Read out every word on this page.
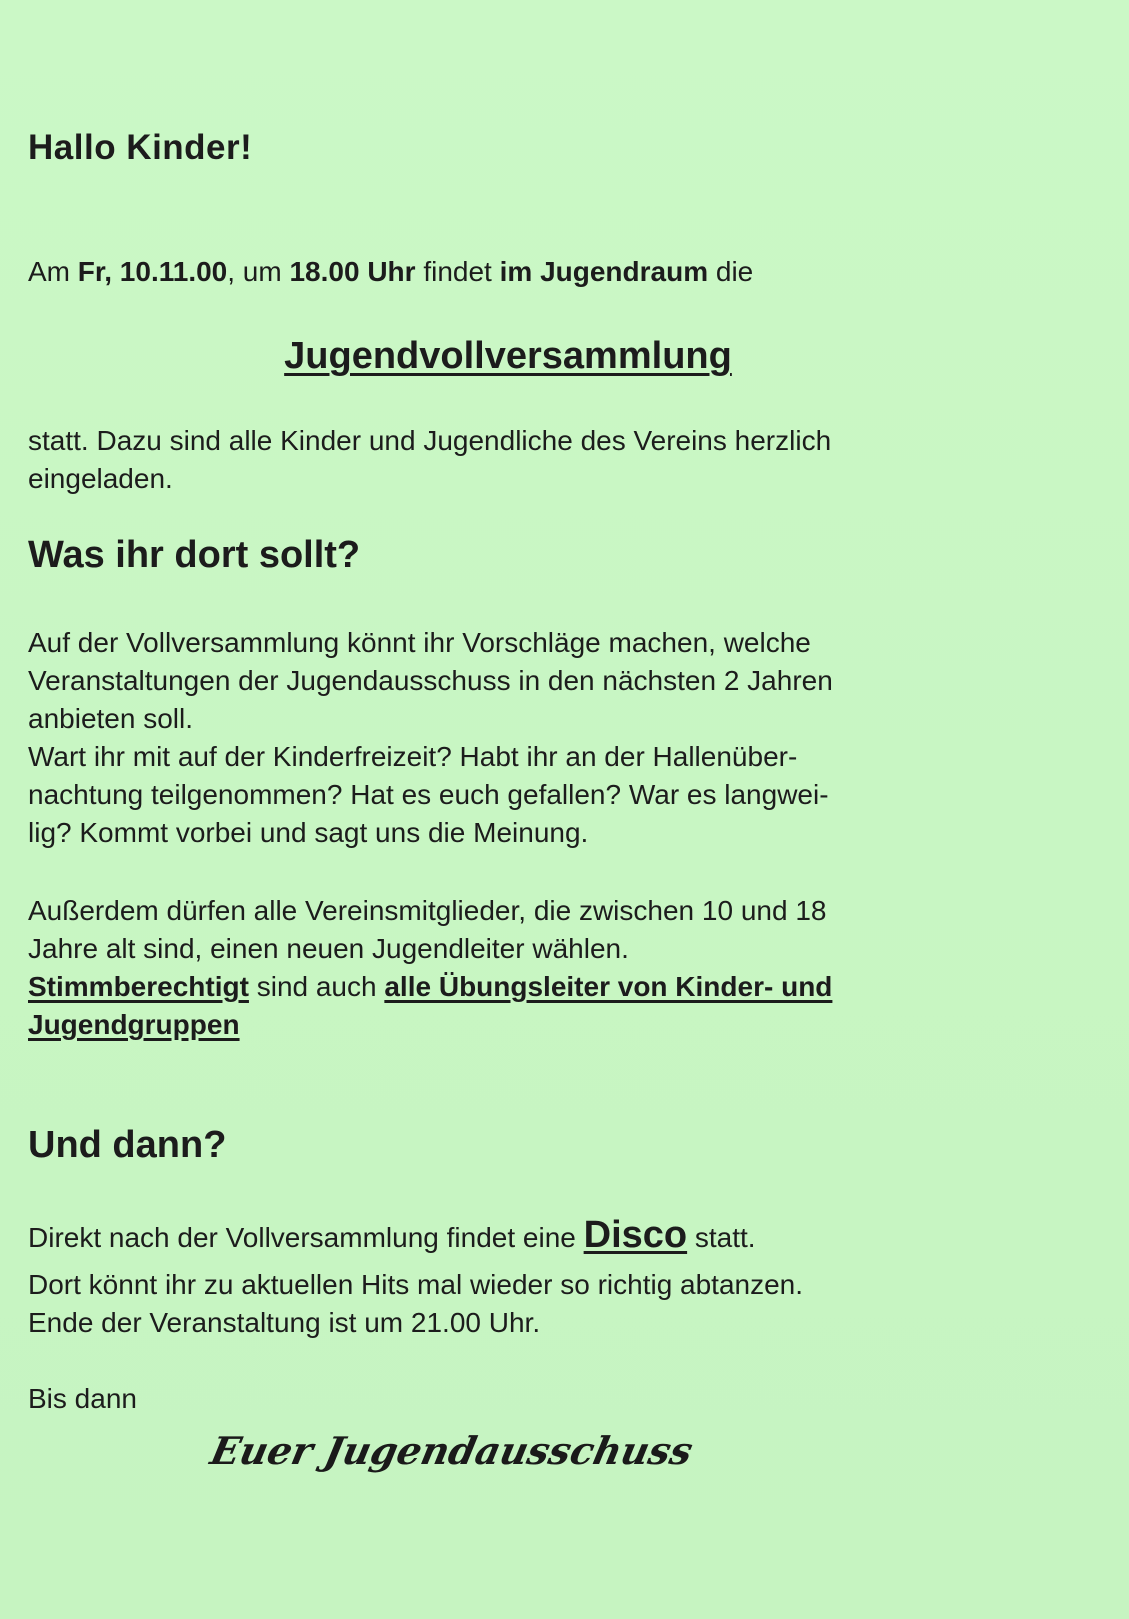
Hallo Kinder!

Am Fr, 10.11.00, um 18.00 Uhr findet im Jugendraum die

Jugendvollversammlung

statt. Dazu sind alle Kinder und Jugendliche des Vereins herzlich
eingeladen.

Was ihr dort sollt?

Auf der Vollversammlung könnt ihr Vorschläge machen, welche
Veranstaltungen der Jugendausschuss in den nächsten 2 Jahren
anbieten soll.
Wart ihr mit auf der Kinderfreizeit? Habt ihr an der Hallenüber-
nachtung teilgenommen? Hat es euch gefallen? War es langwei-
lig? Kommt vorbei und sagt uns die Meinung.
Außerdem dürfen alle Vereinsmitglieder, die zwischen 10 und 18
Jahre alt sind, einen neuen Jugendleiter wählen.
Stimmberechtigt sind auch alle Übungsleiter von Kinder- und
Jugendgruppen

Und dann?

Direkt nach der Vollversammlung findet eine Disco statt.

Dort könnt ihr zu aktuellen Hits mal wieder so richtig abtanzen.

Ende der Veranstaltung ist um 21.00 Uhr.

Bis dann

Euer Jugendausschuss
